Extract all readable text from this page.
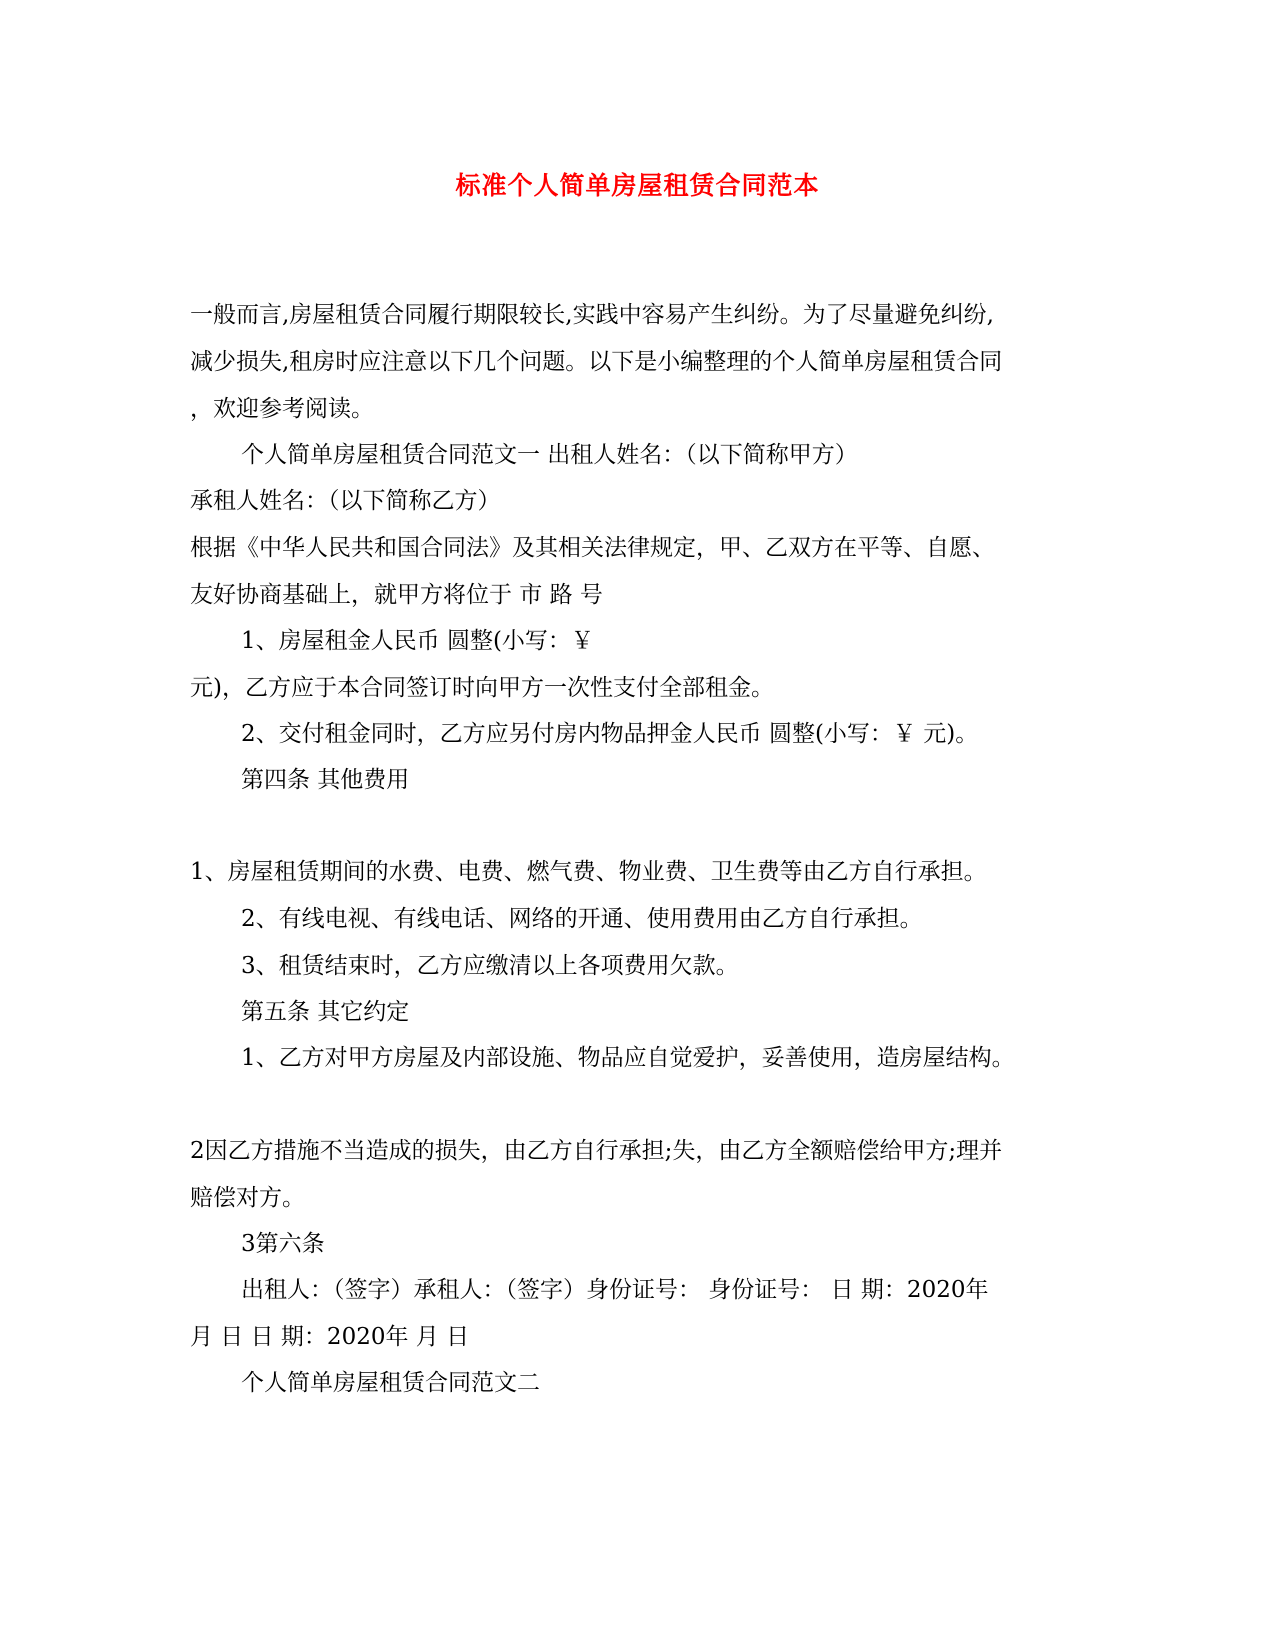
标准个人简单房屋租赁合同范本
一般而言,房屋租赁合同履行期限较长,实践中容易产生纠纷。为了尽量避免纠纷,
减少损失,租房时应注意以下几个问题。以下是小编整理的个人简单房屋租赁合同
，欢迎参考阅读。
个人简单房屋租赁合同范文一 出租人姓名：（以下简称甲方）
承租人姓名：（以下简称乙方）
根据《中华人民共和国合同法》及其相关法律规定，甲、乙双方在平等、自愿、
友好协商基础上，就甲方将位于 市 路 号
1、房屋租金人民币 圆整(小写：￥
元)，乙方应于本合同签订时向甲方一次性支付全部租金。
2、交付租金同时，乙方应另付房内物品押金人民币 圆整(小写：￥ 元)。
第四条 其他费用
1、房屋租赁期间的水费、电费、燃气费、物业费、卫生费等由乙方自行承担。
2、有线电视、有线电话、网络的开通、使用费用由乙方自行承担。
3、租赁结束时，乙方应缴清以上各项费用欠款。
第五条 其它约定
1、乙方对甲方房屋及内部设施、物品应自觉爱护，妥善使用，造房屋结构。
2因乙方措施不当造成的损失，由乙方自行承担;失，由乙方全额赔偿给甲方;理并
赔偿对方。
3第六条
出租人：（签字）承租人：（签字）身份证号： 身份证号： 日 期：2020年
月 日 日 期：2020年 月 日
个人简单房屋租赁合同范文二
